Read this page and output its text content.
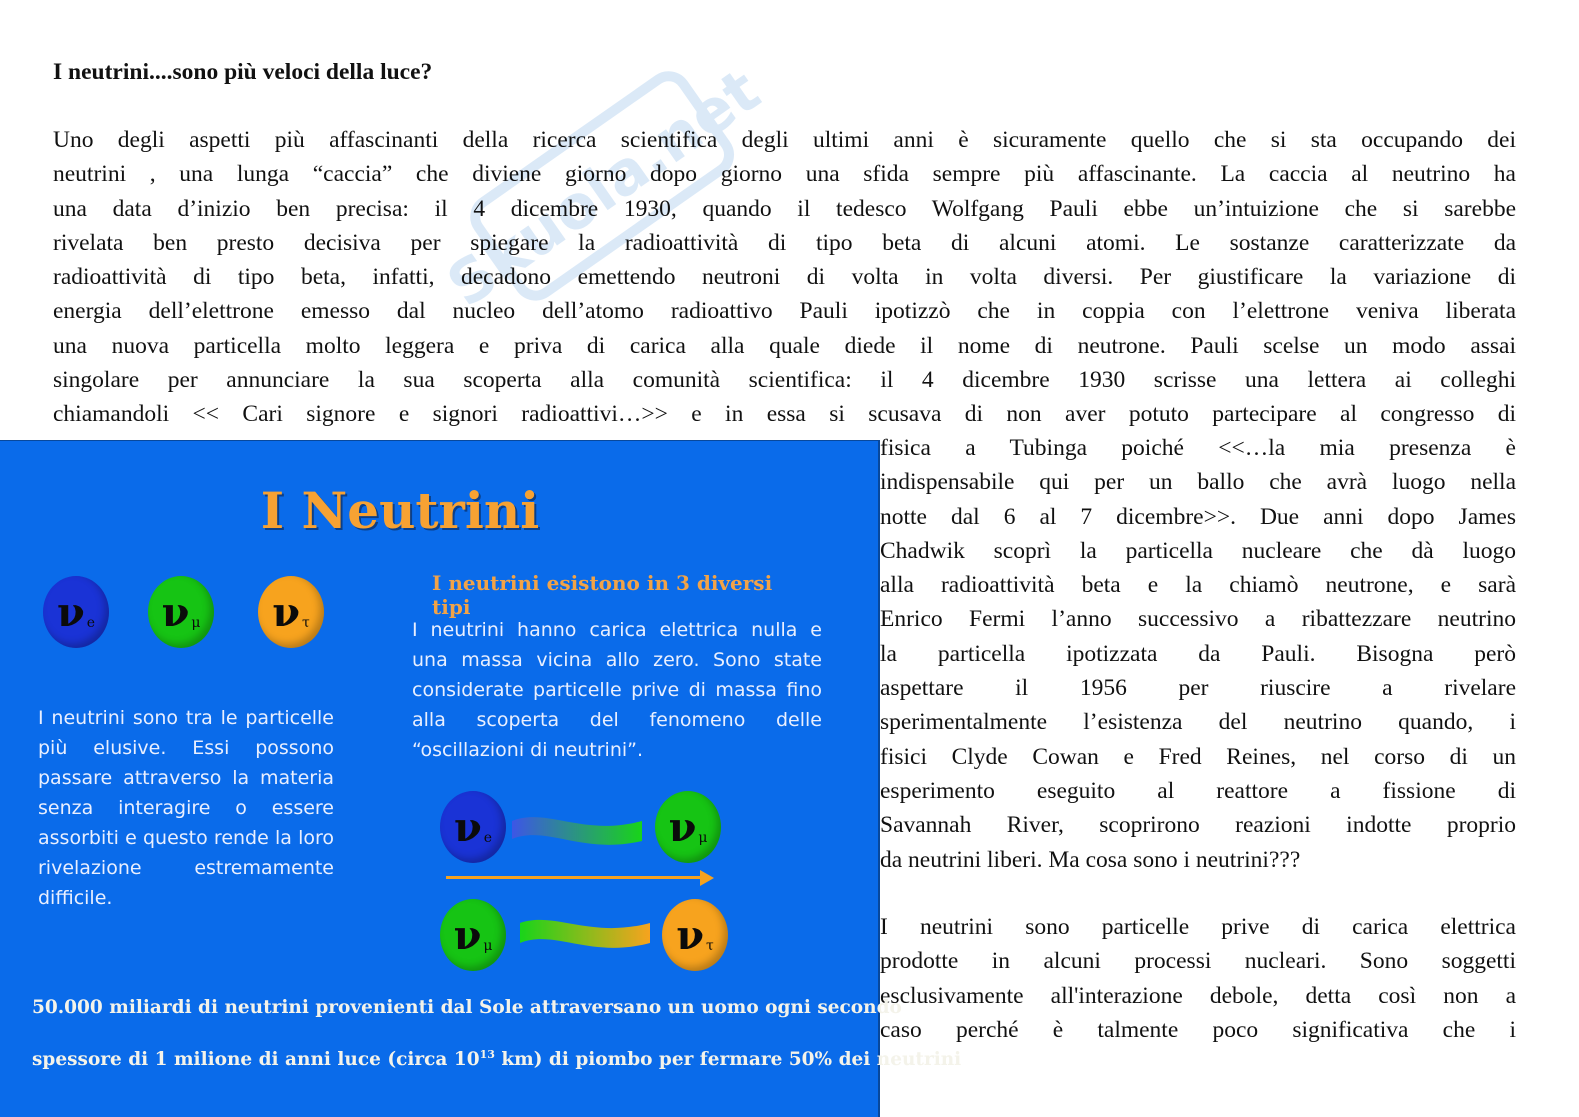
Skuola.net
I neutrini....sono più veloci della luce?
Uno degli aspetti più affascinanti della ricerca scientifica degli ultimi anni è sicuramente quello che si sta occupando dei
neutrini , una lunga “caccia” che diviene giorno dopo giorno una sfida sempre più affascinante. La caccia al neutrino ha
una data d’inizio ben precisa: il 4 dicembre 1930, quando il tedesco Wolfgang Pauli ebbe un’intuizione che si sarebbe
rivelata ben presto decisiva per spiegare la radioattività di tipo beta di alcuni atomi. Le sostanze caratterizzate da
radioattività di tipo beta, infatti, decadono emettendo neutroni di volta in volta diversi. Per giustificare la variazione di
energia dell’elettrone emesso dal nucleo dell’atomo radioattivo Pauli ipotizzò che in coppia con l’elettrone veniva liberata
una nuova particella molto leggera e priva di carica alla quale diede il nome di neutrone. Pauli scelse un modo assai
singolare per annunciare la sua scoperta alla comunità scientifica: il 4 dicembre 1930 scrisse una lettera ai colleghi
chiamandoli << Cari signore e signori radioattivi…>> e in essa si scusava di non aver potuto partecipare al congresso di
fisica a Tubinga poiché <<…la mia presenza è
indispensabile qui per un ballo che avrà luogo nella
notte dal 6 al 7 dicembre>>. Due anni dopo James
Chadwik scoprì la particella nucleare che dà luogo
alla radioattività beta e la chiamò neutrone, e sarà
Enrico Fermi l’anno successivo a ribattezzare neutrino
la particella ipotizzata da Pauli. Bisogna però
aspettare il 1956 per riuscire a rivelare
sperimentalmente l’esistenza del neutrino quando, i
fisici Clyde Cowan e Fred Reines, nel corso di un
esperimento eseguito al reattore a fissione di
Savannah River, scoprirono reazioni indotte proprio
da neutrini liberi. Ma cosa sono i neutrini???
I neutrini sono particelle prive di carica elettrica
prodotte in alcuni processi nucleari. Sono soggetti
esclusivamente all'interazione debole, detta così non a
caso perché è talmente poco significativa che i
I Neutrini
ν e ν μ ν τ
I neutrini sono tra le particelle più elusive. Essi possono passare attraverso la materia senza interagire o essere assorbiti e questo rende la loro rivelazione estremamente difficile.
I neutrini esistono in 3 diversi tipi
I neutrini hanno carica elettrica nulla e una massa vicina allo zero. Sono state considerate particelle prive di massa fino alla scoperta del fenomeno delle “oscillazioni di neutrini”.
ν e	ν μ
ν μ	ν τ
50.000 miliardi di neutrini provenienti dal Sole attraversano un uomo ogni secondo
spessore di 1 milione di anni luce (circa $10^{13}$ km) di piombo per fermare 50% dei neutrini
